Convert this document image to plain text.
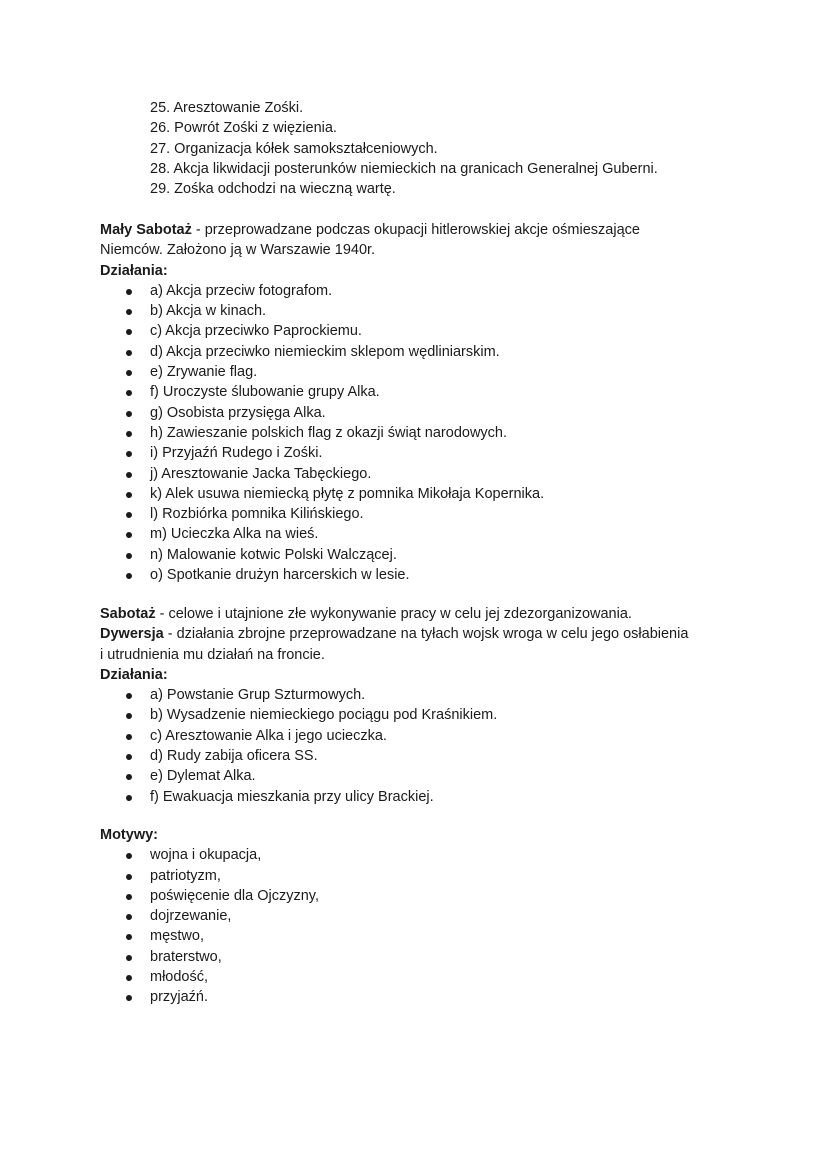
25. Aresztowanie Zośki.
26. Powrót Zośki z więzienia.
27. Organizacja kółek samokształceniowych.
28. Akcja likwidacji posterunków niemieckich na granicach Generalnej Guberni.
29. Zośka odchodzi na wieczną wartę.

Mały Sabotaż - przeprowadzane podczas okupacji hitlerowskiej akcje ośmieszające

Niemców. Założono ją w Warszawie 1940r.

Działania:

a) Akcja przeciw fotografom.
b) Akcja w kinach.
c) Akcja przeciwko Paprockiemu.
d) Akcja przeciwko niemieckim sklepom wędliniarskim.
e) Zrywanie flag.
f) Uroczyste ślubowanie grupy Alka.
g) Osobista przysięga Alka.
h) Zawieszanie polskich flag z okazji świąt narodowych.
i) Przyjaźń Rudego i Zośki.
j) Aresztowanie Jacka Tabęckiego.
k) Alek usuwa niemiecką płytę z pomnika Mikołaja Kopernika.
l) Rozbiórka pomnika Kilińskiego.
m) Ucieczka Alka na wieś.
n) Malowanie kotwic Polski Walczącej.
o) Spotkanie drużyn harcerskich w lesie.

Sabotaż - celowe i utajnione złe wykonywanie pracy w celu jej zdezorganizowania.

Dywersja - działania zbrojne przeprowadzane na tyłach wojsk wroga w celu jego osłabienia

i utrudnienia mu działań na froncie.

Działania:

a) Powstanie Grup Szturmowych.
b) Wysadzenie niemieckiego pociągu pod Kraśnikiem.
c) Aresztowanie Alka i jego ucieczka.
d) Rudy zabija oficera SS.
e) Dylemat Alka.
f) Ewakuacja mieszkania przy ulicy Brackiej.

Motywy:

wojna i okupacja,
patriotyzm,
poświęcenie dla Ojczyzny,
dojrzewanie,
męstwo,
braterstwo,
młodość,
przyjaźń.
